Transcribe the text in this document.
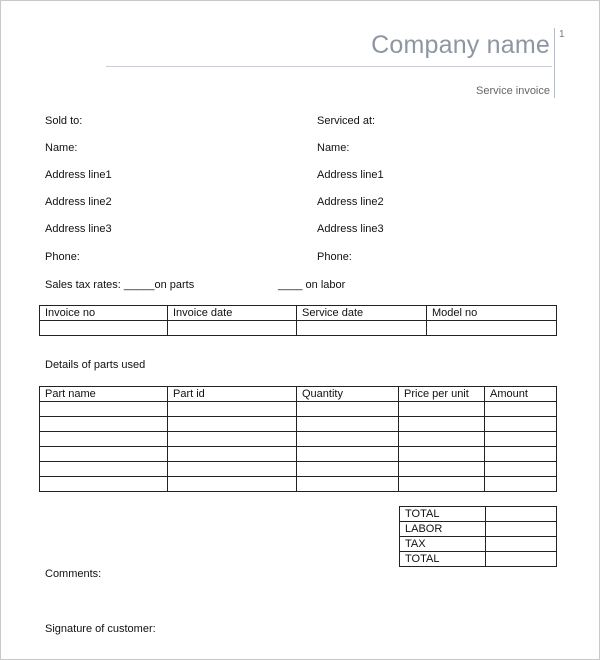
Company name 1
Service invoice
Sold to:
Name:
Address line1
Address line2
Address line3
Phone:
Serviced at:
Name:
Address line1
Address line2
Address line3
Phone:
Sales tax rates: _____on parts	____ on labor
Invoice no	Invoice date	Service date	Model no

Details of parts used
Part name	Part id	Quantity	Price per unit	Amount

TOTAL	
LABOR	
TAX	
TOTAL	
Comments:
Signature of customer:
